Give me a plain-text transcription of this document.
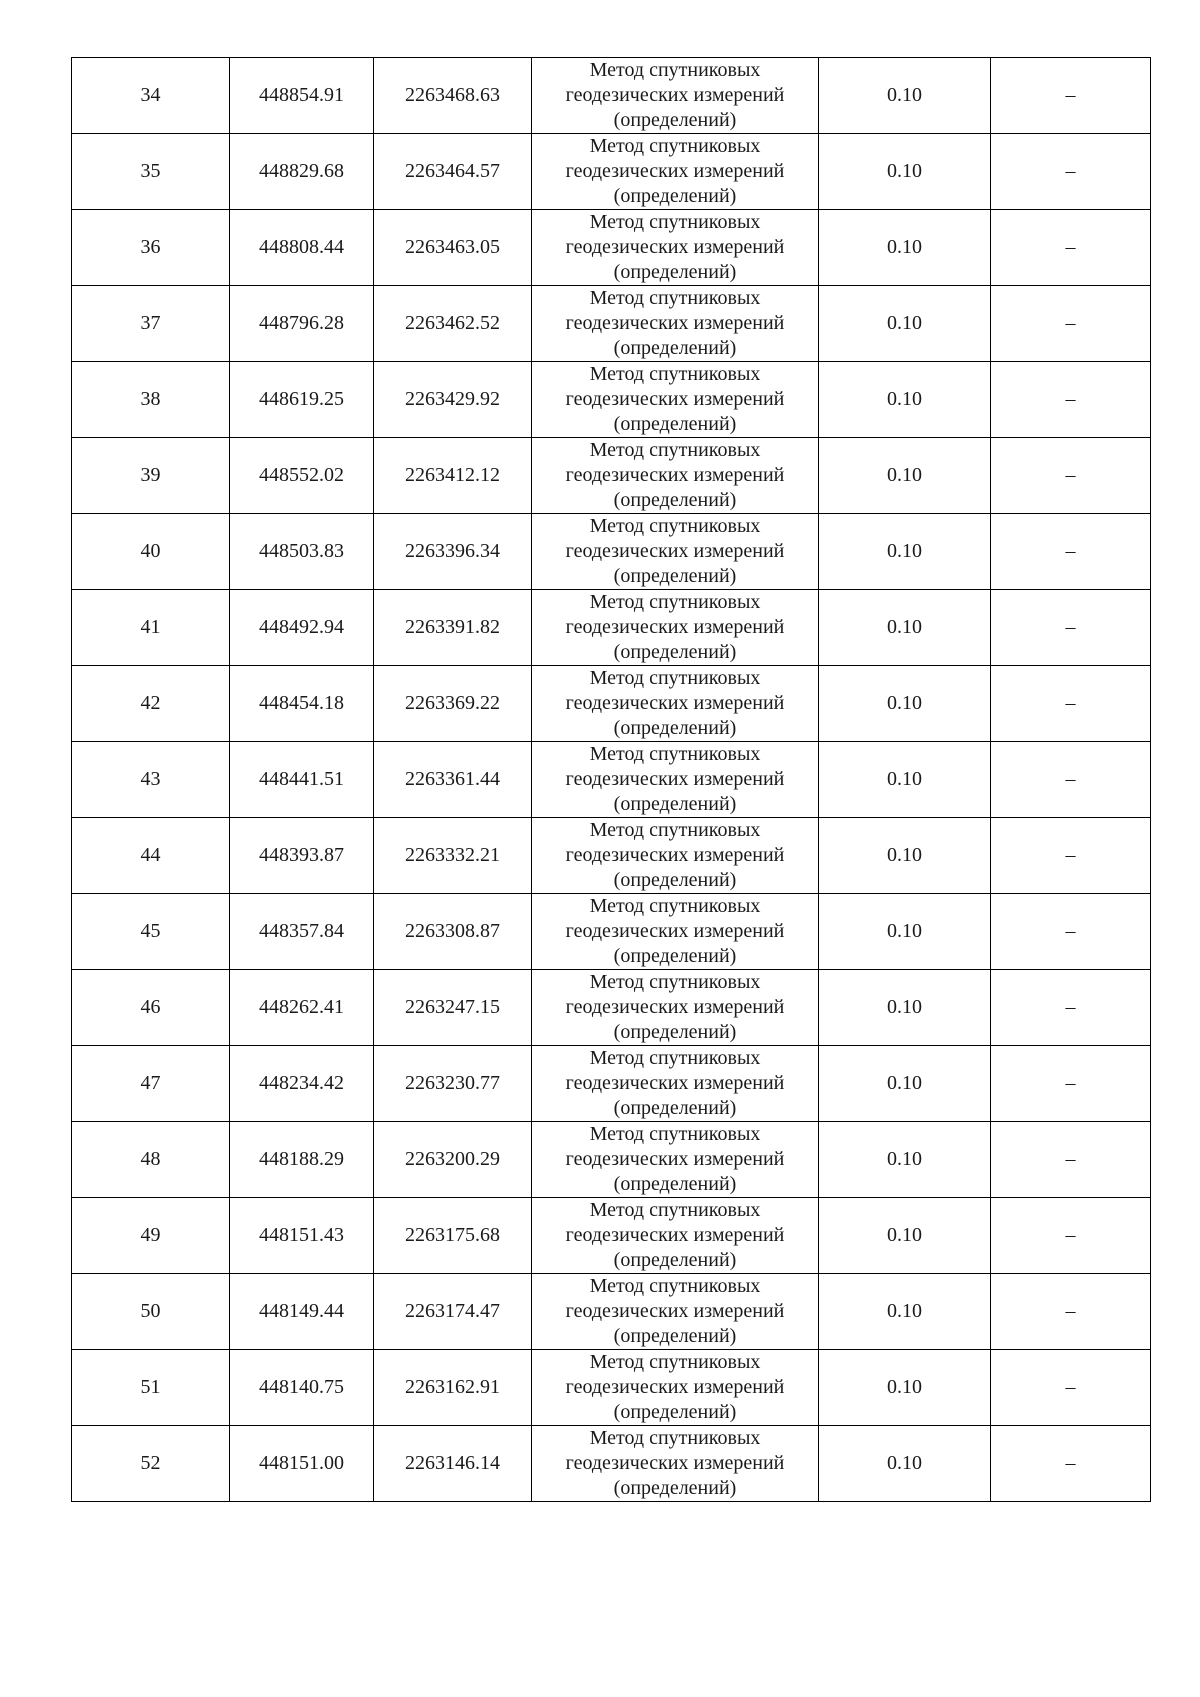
34	448854.91	2263468.63	Метод спутниковых
геодезических измерений
(определений)	0.10	–
35	448829.68	2263464.57	Метод спутниковых
геодезических измерений
(определений)	0.10	–
36	448808.44	2263463.05	Метод спутниковых
геодезических измерений
(определений)	0.10	–
37	448796.28	2263462.52	Метод спутниковых
геодезических измерений
(определений)	0.10	–
38	448619.25	2263429.92	Метод спутниковых
геодезических измерений
(определений)	0.10	–
39	448552.02	2263412.12	Метод спутниковых
геодезических измерений
(определений)	0.10	–
40	448503.83	2263396.34	Метод спутниковых
геодезических измерений
(определений)	0.10	–
41	448492.94	2263391.82	Метод спутниковых
геодезических измерений
(определений)	0.10	–
42	448454.18	2263369.22	Метод спутниковых
геодезических измерений
(определений)	0.10	–
43	448441.51	2263361.44	Метод спутниковых
геодезических измерений
(определений)	0.10	–
44	448393.87	2263332.21	Метод спутниковых
геодезических измерений
(определений)	0.10	–
45	448357.84	2263308.87	Метод спутниковых
геодезических измерений
(определений)	0.10	–
46	448262.41	2263247.15	Метод спутниковых
геодезических измерений
(определений)	0.10	–
47	448234.42	2263230.77	Метод спутниковых
геодезических измерений
(определений)	0.10	–
48	448188.29	2263200.29	Метод спутниковых
геодезических измерений
(определений)	0.10	–
49	448151.43	2263175.68	Метод спутниковых
геодезических измерений
(определений)	0.10	–
50	448149.44	2263174.47	Метод спутниковых
геодезических измерений
(определений)	0.10	–
51	448140.75	2263162.91	Метод спутниковых
геодезических измерений
(определений)	0.10	–
52	448151.00	2263146.14	Метод спутниковых
геодезических измерений
(определений)	0.10	–
